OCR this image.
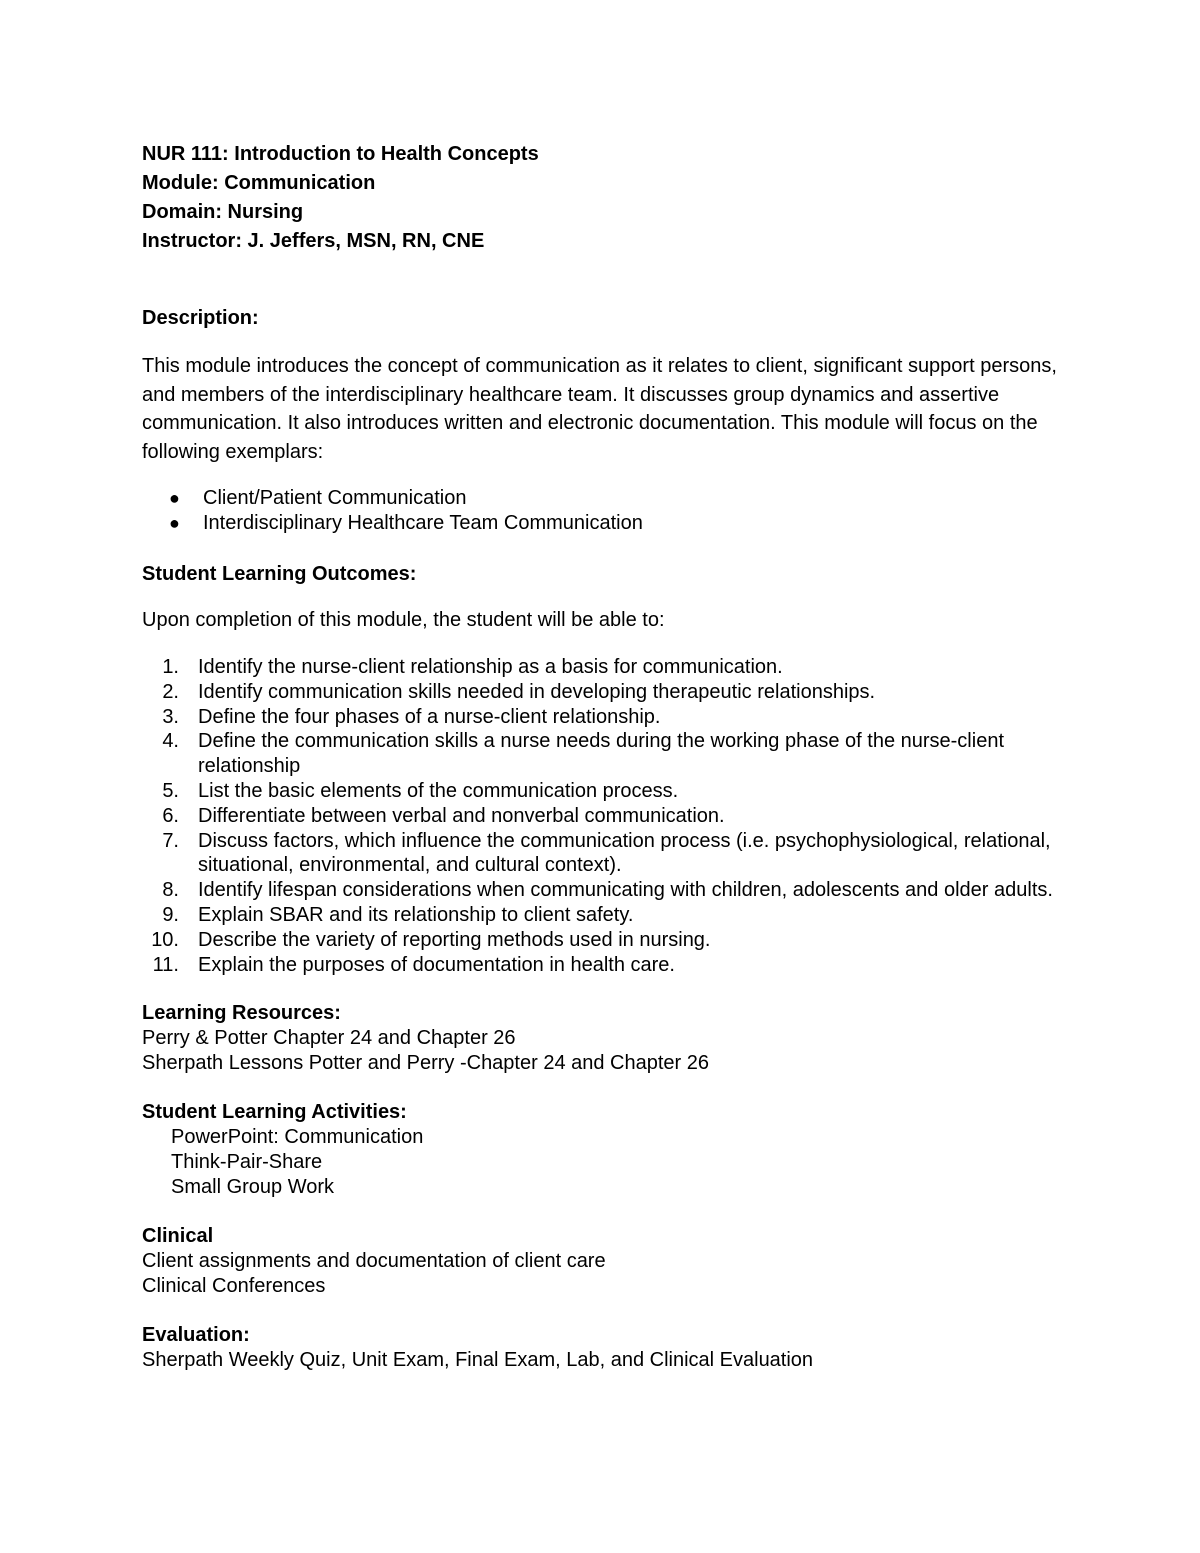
NUR 111: Introduction to Health Concepts
Module: Communication
Domain: Nursing
Instructor: J. Jeffers, MSN, RN, CNE
Description:

This module introduces the concept of communication as it relates to client, significant support persons, and members of the interdisciplinary healthcare team. It discusses group dynamics and assertive communication. It also introduces written and electronic documentation. This module will focus on the following exemplars:

● Client/Patient Communication
● Interdisciplinary Healthcare Team Communication
Student Learning Outcomes:
Upon completion of this module, the student will be able to:
1. Identify the nurse-client relationship as a basis for communication.
2. Identify communication skills needed in developing therapeutic relationships.
3. Define the four phases of a nurse-client relationship.
4. Define the communication skills a nurse needs during the working phase of the nurse-client relationship
5. List the basic elements of the communication process.
6. Differentiate between verbal and nonverbal communication.
7. Discuss factors, which influence the communication process (i.e. psychophysiological, relational, situational, environmental, and cultural context).
8. Identify lifespan considerations when communicating with children, adolescents and older adults.
9. Explain SBAR and its relationship to client safety.
10. Describe the variety of reporting methods used in nursing.
11. Explain the purposes of documentation in health care.
Learning Resources:
Perry & Potter Chapter 24 and Chapter 26
Sherpath Lessons Potter and Perry -Chapter 24 and Chapter 26
Student Learning Activities:
PowerPoint: Communication
Think-Pair-Share
Small Group Work
Clinical
Client assignments and documentation of client care
Clinical Conferences
Evaluation:
Sherpath Weekly Quiz, Unit Exam, Final Exam, Lab, and Clinical Evaluation
